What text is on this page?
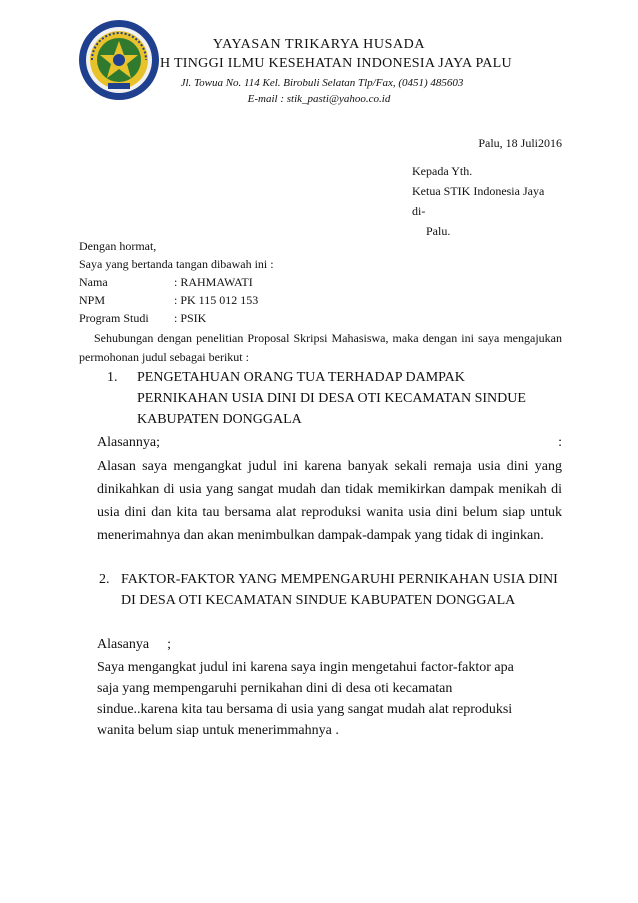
YAYASAN TRIKARYA HUSADA
H TINGGI ILMU KESEHATAN INDONESIA JAYA PALU
Jl. Towua No. 114 Kel. Birobuli Selatan Tlp/Fax, (0451) 485603
E-mail : stik_pasti@yahoo.co.id
Palu, 18 Juli2016
Kepada Yth.
Ketua STIK Indonesia Jaya
di-
Palu.
Dengan hormat,
Saya yang bertanda tangan dibawah ini :
Nama	: RAHMAWATI
NPM	: PK 115 012 153
Program Studi	: PSIK
Sehubungan dengan penelitian Proposal Skripsi Mahasiswa, maka dengan ini saya mengajukan permohonan judul sebagai berikut :
1. PENGETAHUAN ORANG TUA TERHADAP DAMPAK PERNIKAHAN USIA DINI DI DESA OTI KECAMATAN SINDUE KABUPATEN DONGGALA
Alasannya;	:
Alasan saya mengangkat judul ini karena banyak sekali remaja usia dini yang dinikahkan di usia yang sangat mudah dan tidak memikirkan dampak menikah di usia dini dan kita tau bersama alat reproduksi wanita usia dini belum siap untuk menerimahnya dan akan menimbulkan dampak-dampak yang tidak di inginkan.
2. FAKTOR-FAKTOR YANG MEMPENGARUHI PERNIKAHAN USIA DINI DI DESA OTI KECAMATAN SINDUE KABUPATEN DONGGALA
Alasanya ;
Saya mengangkat judul ini karena saya ingin mengetahui factor-faktor apa
saja yang mempengaruhi pernikahan dini di desa oti kecamatan
sindue..karena kita tau bersama di usia yang sangat mudah alat reproduksi
wanita belum siap untuk menerimmahnya .
